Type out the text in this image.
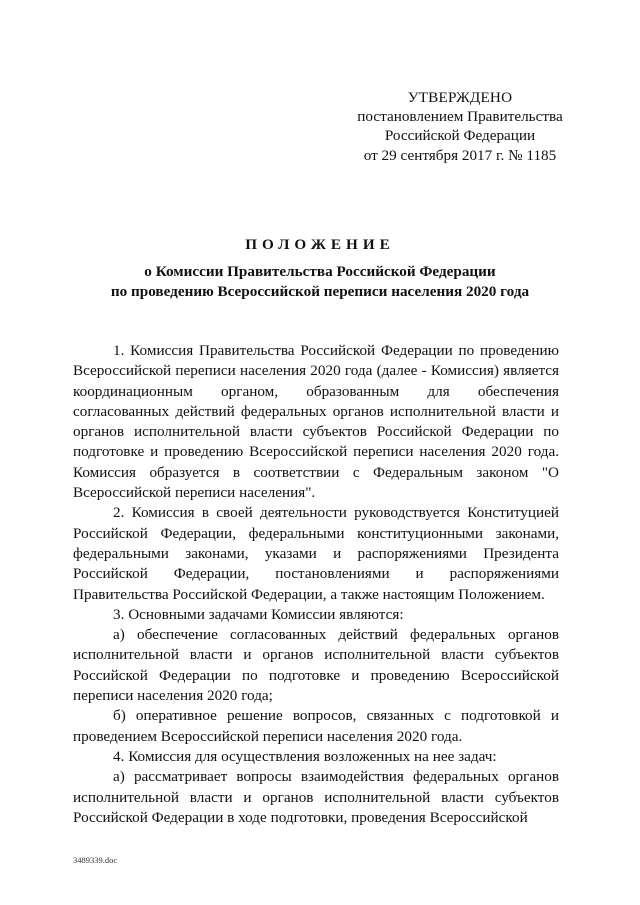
УТВЕРЖДЕНО
постановлением Правительства
Российской Федерации
от 29 сентября 2017 г. № 1185
ПОЛОЖЕНИЕ
о Комиссии Правительства Российской Федерации
по проведению Всероссийской переписи населения 2020 года

1. Комиссия Правительства Российской Федерации по проведению Всероссийской переписи населения 2020 года (далее - Комиссия) является координационным органом, образованным для обеспечения согласованных действий федеральных органов исполнительной власти и органов исполнительной власти субъектов Российской Федерации по подготовке и проведению Всероссийской переписи населения 2020 года. Комиссия образуется в соответствии с Федеральным законом "О Всероссийской переписи населения".

2. Комиссия в своей деятельности руководствуется Конституцией Российской Федерации, федеральными конституционными законами, федеральными законами, указами и распоряжениями Президента Российской Федерации, постановлениями и распоряжениями Правительства Российской Федерации, а также настоящим Положением.

3. Основными задачами Комиссии являются:

а) обеспечение согласованных действий федеральных органов исполнительной власти и органов исполнительной власти субъектов Российской Федерации по подготовке и проведению Всероссийской переписи населения 2020 года;

б) оперативное решение вопросов, связанных с подготовкой и проведением Всероссийской переписи населения 2020 года.

4. Комиссия для осуществления возложенных на нее задач:

а) рассматривает вопросы взаимодействия федеральных органов исполнительной власти и органов исполнительной власти субъектов Российской Федерации в ходе подготовки, проведения Всероссийской

3489339.doc
